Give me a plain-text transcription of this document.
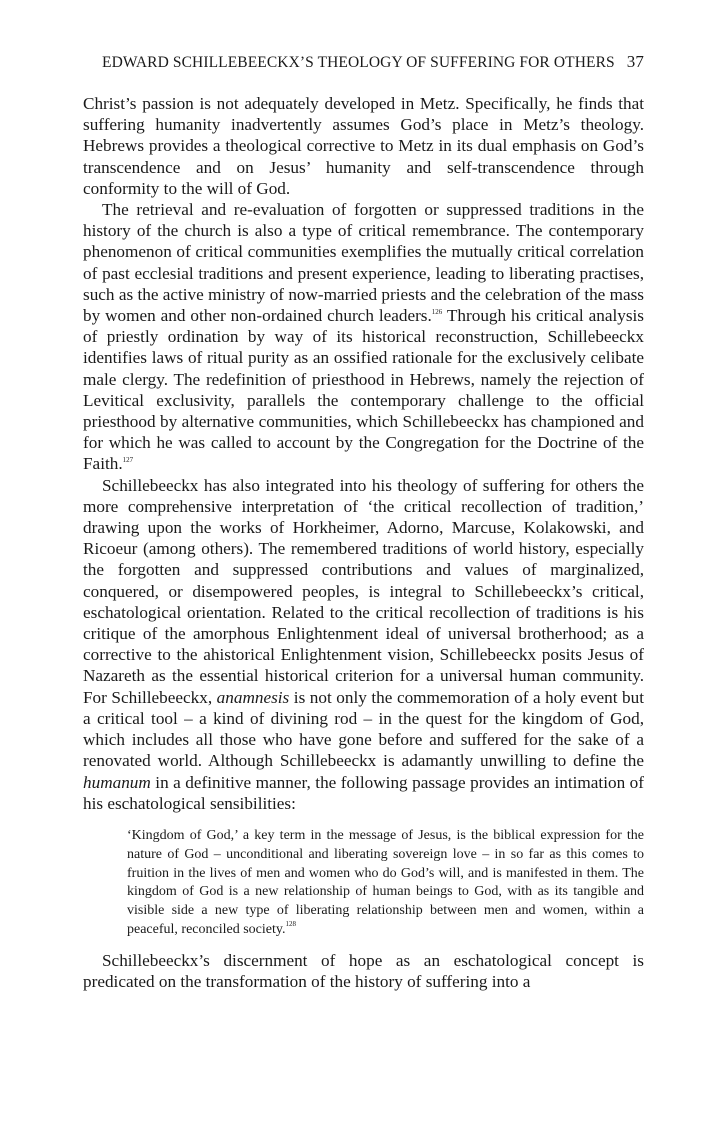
EDWARD SCHILLEBEECKX’S THEOLOGY OF SUFFERING FOR OTHERS 37

Christ’s passion is not adequately developed in Metz. Specifically, he finds that suffering humanity inadvertently assumes God’s place in Metz’s theology. Hebrews provides a theological corrective to Metz in its dual emphasis on God’s transcendence and on Jesus’ humanity and self-transcendence through conformity to the will of God.

The retrieval and re-evaluation of forgotten or suppressed traditions in the history of the church is also a type of critical remembrance. The contemporary phenomenon of critical communities exemplifies the mutually critical correlation of past ecclesial traditions and present experience, leading to liberating practises, such as the active ministry of now-married priests and the celebration of the mass by women and other non-ordained church leaders.$^{126}$ Through his critical analysis of priestly ordination by way of its historical reconstruction, Schillebeeckx identifies laws of ritual purity as an ossified rationale for the exclusively celibate male clergy. The redefinition of priesthood in Hebrews, namely the rejection of Levitical exclusivity, parallels the contemporary challenge to the official priesthood by alternative communities, which Schillebeeckx has championed and for which he was called to account by the Congregation for the Doctrine of the Faith.$^{127}$

Schillebeeckx has also integrated into his theology of suffering for others the more comprehensive interpretation of ‘the critical recollection of tradition,’ drawing upon the works of Horkheimer, Adorno, Marcuse, Kolakowski, and Ricoeur (among others). The remembered traditions of world history, especially the forgotten and suppressed contributions and values of marginalized, conquered, or disempowered peoples, is integral to Schillebeeckx’s critical, eschatological orientation. Related to the critical recollection of traditions is his critique of the amorphous Enlightenment ideal of universal brotherhood; as a corrective to the ahistorical Enlightenment vision, Schillebeeckx posits Jesus of Nazareth as the essential historical criterion for a universal human community. For Schillebeeckx, anamnesis is not only the commemoration of a holy event but a critical tool – a kind of divining rod – in the quest for the kingdom of God, which includes all those who have gone before and suffered for the sake of a renovated world. Although Schillebeeckx is adamantly unwilling to define the humanum in a definitive manner, the following passage provides an intimation of his eschatological sensibilities:

‘Kingdom of God,’ a key term in the message of Jesus, is the biblical expression for the nature of God – unconditional and liberating sovereign love – in so far as this comes to fruition in the lives of men and women who do God’s will, and is manifested in them. The kingdom of God is a new relationship of human beings to God, with as its tangible and visible side a new type of liberating relationship between men and women, within a peaceful, reconciled society.$^{128}$

Schillebeeckx’s discernment of hope as an eschatological concept is predicated on the transformation of the history of suffering into a
